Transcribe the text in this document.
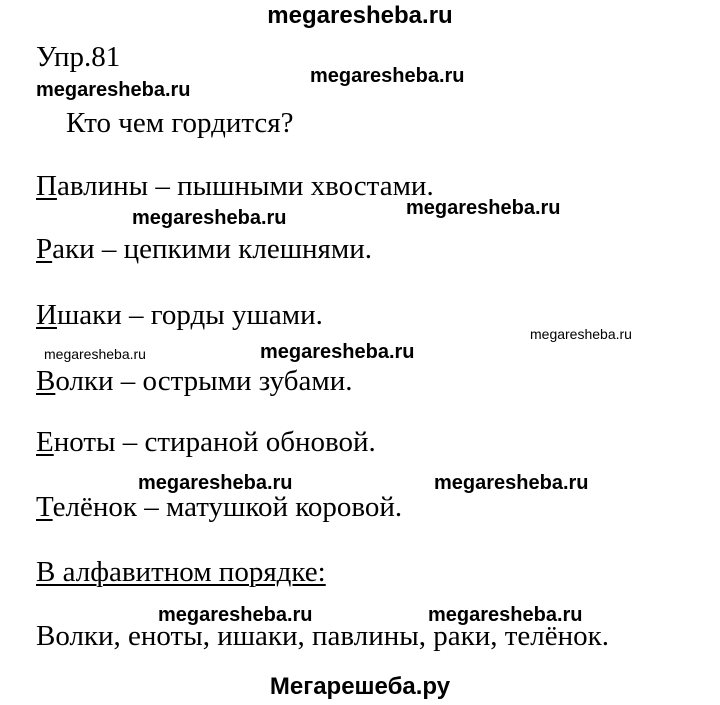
megaresheba.ru
Упр.81
megaresheba.ru
megaresheba.ru
Кто чем гордится?
Павлины – пышными хвостами.
megaresheba.ru	megaresheba.ru
Раки – цепкими клешнями.
Ишаки – горды ушами.
megaresheba.ru
megaresheba.ru	megaresheba.ru
Волки – острыми зубами.
Еноты – стираной обновой.
megaresheba.ru	megaresheba.ru
Телёнок – матушкой коровой.
В алфавитном порядке:
megaresheba.ru	megaresheba.ru
Волки, еноты, ишаки, павлины, раки, телёнок.
Мегарешеба.ру
